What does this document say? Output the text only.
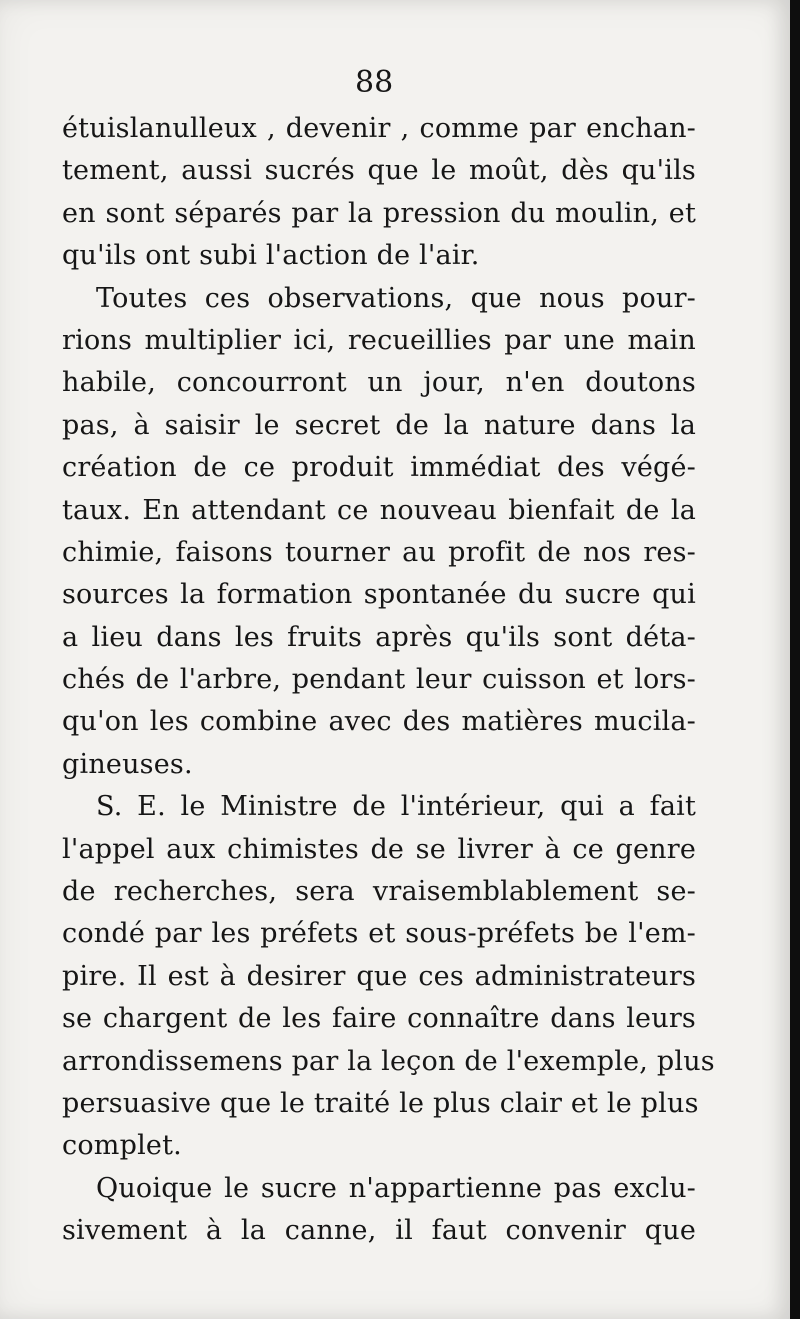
88
étuislanulleux , devenir , comme par enchan-
tement, aussi sucrés que le moût, dès qu'ils
en sont séparés par la pression du moulin, et
qu'ils ont subi l'action de l'air.
Toutes ces observations, que nous pour-
rions multiplier ici, recueillies par une main
habile, concourront un jour, n'en doutons
pas, à saisir le secret de la nature dans la
création de ce produit immédiat des végé-
taux. En attendant ce nouveau bienfait de la
chimie, faisons tourner au profit de nos res-
sources la formation spontanée du sucre qui
a lieu dans les fruits après qu'ils sont déta-
chés de l'arbre, pendant leur cuisson et lors-
qu'on les combine avec des matières mucila-
gineuses.
S. E. le Ministre de l'intérieur, qui a fait
l'appel aux chimistes de se livrer à ce genre
de recherches, sera vraisemblablement se-
condé par les préfets et sous-préfets be l'em-
pire. Il est à desirer que ces administrateurs
se chargent de les faire connaître dans leurs
arrondissemens par la leçon de l'exemple, plus
persuasive que le traité le plus clair et le plus
complet.
Quoique le sucre n'appartienne pas exclu-
sivement à la canne, il faut convenir que
